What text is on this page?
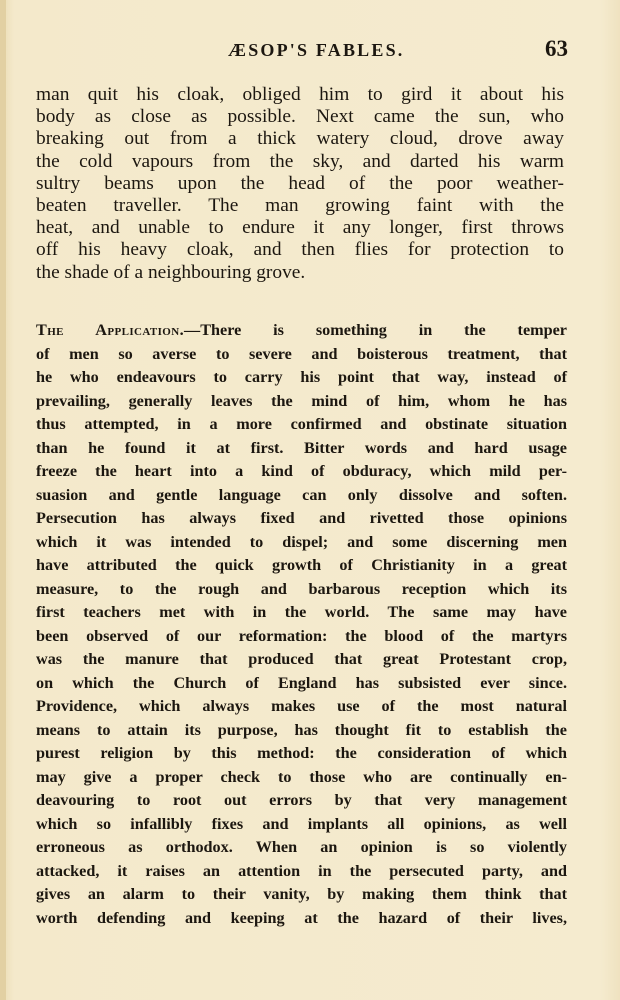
ÆSOP'S FABLES.	63
man quit his cloak, obliged him to gird it about his
body as close as possible. Next came the sun, who
breaking out from a thick watery cloud, drove away
the cold vapours from the sky, and darted his warm
sultry beams upon the head of the poor weather-
beaten traveller. The man growing faint with the
heat, and unable to endure it any longer, first throws
off his heavy cloak, and then flies for protection to
the shade of a neighbouring grove.
The Application.—There is something in the temper
of men so averse to severe and boisterous treatment, that
he who endeavours to carry his point that way, instead of
prevailing, generally leaves the mind of him, whom he has
thus attempted, in a more confirmed and obstinate situation
than he found it at first. Bitter words and hard usage
freeze the heart into a kind of obduracy, which mild per-
suasion and gentle language can only dissolve and soften.
Persecution has always fixed and rivetted those opinions
which it was intended to dispel; and some discerning men
have attributed the quick growth of Christianity in a great
measure, to the rough and barbarous reception which its
first teachers met with in the world. The same may have
been observed of our reformation: the blood of the martyrs
was the manure that produced that great Protestant crop,
on which the Church of England has subsisted ever since.
Providence, which always makes use of the most natural
means to attain its purpose, has thought fit to establish the
purest religion by this method: the consideration of which
may give a proper check to those who are continually en-
deavouring to root out errors by that very management
which so infallibly fixes and implants all opinions, as well
erroneous as orthodox. When an opinion is so violently
attacked, it raises an attention in the persecuted party, and
gives an alarm to their vanity, by making them think that
worth defending and keeping at the hazard of their lives,
